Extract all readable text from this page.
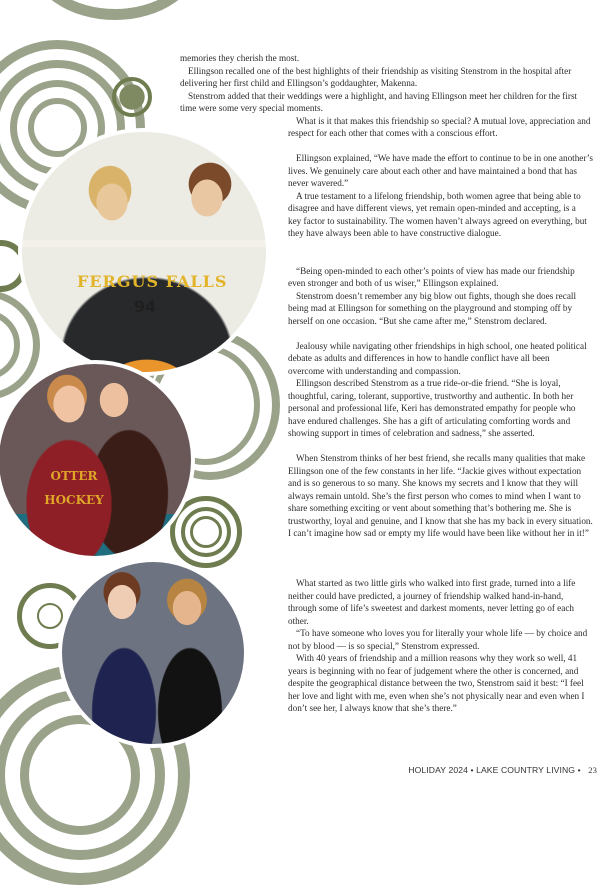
FERGUS FALLS
94
OTTER HOCKEY

memories they cherish the most.

Ellingson recalled one of the best highlights of their friendship as visiting Stenstrom in the hospital after delivering her first child and Ellingson’s goddaughter, Makenna.

Stenstrom added that their weddings were a highlight, and having Ellingson meet her children for the first time were some very special moments.

What is it that makes this friendship so special? A mutual love, appreciation and respect for each other that comes with a conscious effort.

Ellingson explained, “We have made the effort to continue to be in one another’s lives. We genuinely care about each other and have maintained a bond that has never wavered.”

A true testament to a lifelong friendship, both women agree that being able to disagree and have different views, yet remain open-minded and accepting, is a key factor to sustainability. The women haven’t always agreed on everything, but they have always been able to have constructive dialogue.

“Being open-minded to each other’s points of view has made our friendship even stronger and both of us wiser,” Ellingson explained.

Stenstrom doesn’t remember any big blow out fights, though she does recall being mad at Ellingson for something on the playground and stomping off by herself on one occasion. “But she came after me,” Stenstrom declared.

Jealousy while navigating other friendships in high school, one heated political debate as adults and differences in how to handle conflict have all been overcome with understanding and compassion.

Ellingson described Stenstrom as a true ride-or-die friend. “She is loyal, thoughtful, caring, tolerant, supportive, trustworthy and authentic. In both her personal and professional life, Keri has demonstrated empathy for people who have endured challenges. She has a gift of articulating comforting words and showing support in times of celebration and sadness,” she asserted.

When Stenstrom thinks of her best friend, she recalls many qualities that make Ellingson one of the few constants in her life. “Jackie gives without expectation and is so generous to so many. She knows my secrets and I know that they will always remain untold. She’s the first person who comes to mind when I want to share something exciting or vent about something that’s bothering me. She is trustworthy, loyal and genuine, and I know that she has my back in every situation. I can’t imagine how sad or empty my life would have been like without her in it!”

What started as two little girls who walked into first grade, turned into a life neither could have predicted, a journey of friendship walked hand-in-hand, through some of life’s sweetest and darkest moments, never letting go of each other.

“To have someone who loves you for literally your whole life — by choice and not by blood — is so special,” Stenstrom expressed.

With 40 years of friendship and a million reasons why they work so well, 41 years is beginning with no fear of judgement where the other is concerned, and despite the geographical distance between the two, Stenstrom said it best: “I feel her love and light with me, even when she’s not physically near and even when I don’t see her, I always know that she’s there.”

HOLIDAY 2024 • LAKE COUNTRY LIVING • 23
